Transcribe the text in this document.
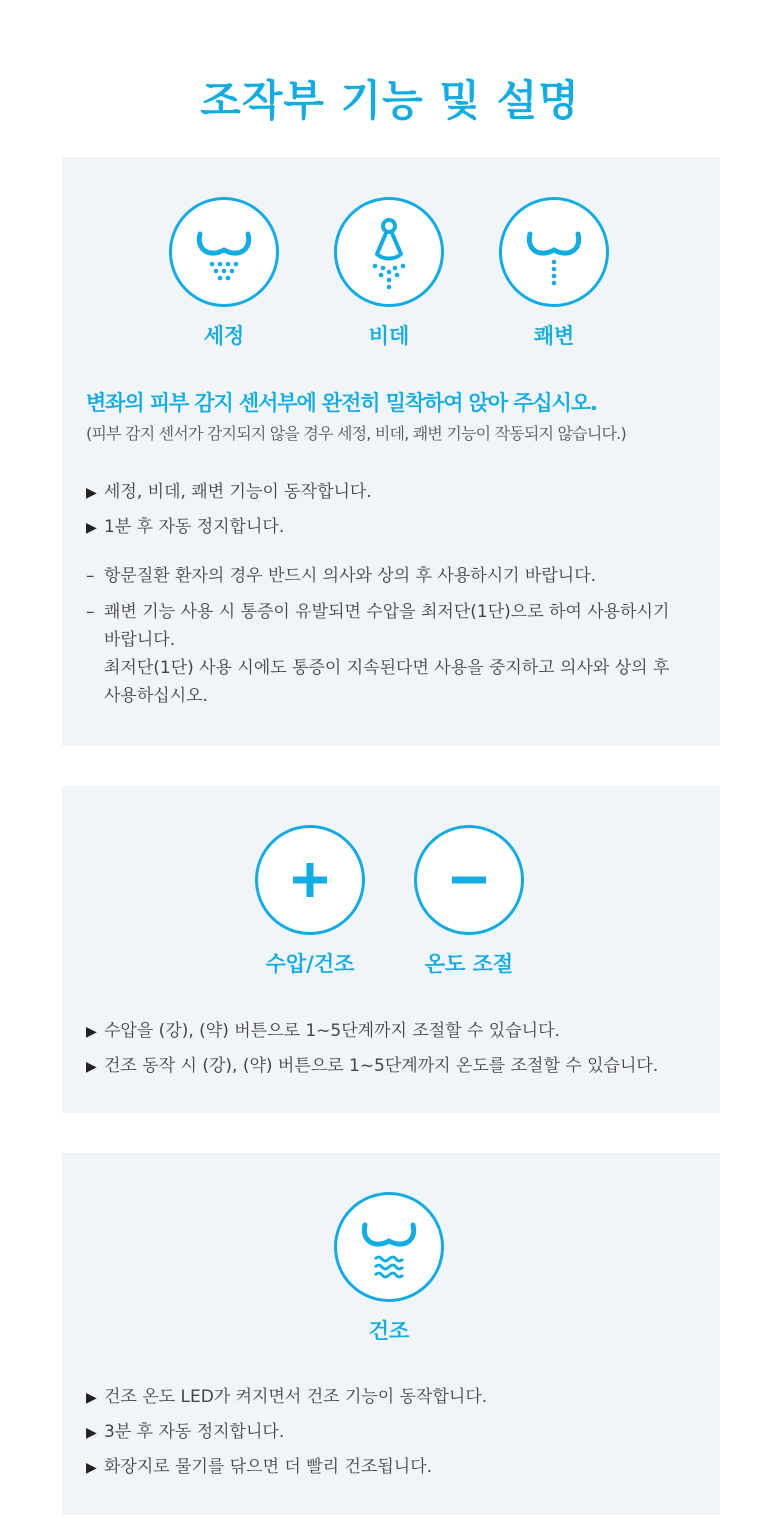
조작부 기능 및 설명
세정	비데	쾌변
변좌의 피부 감지 센서부에 완전히 밀착하여 앉아 주십시오.
(피부 감지 센서가 감지되지 않을 경우 세정, 비데, 쾌변 기능이 작동되지 않습니다.)
▶ 세정, 비데, 쾌변 기능이 동작합니다.
▶ 1분 후 자동 정지합니다.
– 항문질환 환자의 경우 반드시 의사와 상의 후 사용하시기 바랍니다.
– 쾌변 기능 사용 시 통증이 유발되면 수압을 최저단(1단)으로 하여 사용하시기
바랍니다.
최저단(1단) 사용 시에도 통증이 지속된다면 사용을 중지하고 의사와 상의 후
사용하십시오.
수압/건조	온도 조절
▶ 수압을 (강), (약) 버튼으로 1~5단계까지 조절할 수 있습니다.
▶ 건조 동작 시 (강), (약) 버튼으로 1~5단계까지 온도를 조절할 수 있습니다.
건조
▶ 건조 온도 LED가 켜지면서 건조 기능이 동작합니다.
▶ 3분 후 자동 정지합니다.
▶ 화장지로 물기를 닦으면 더 빨리 건조됩니다.
